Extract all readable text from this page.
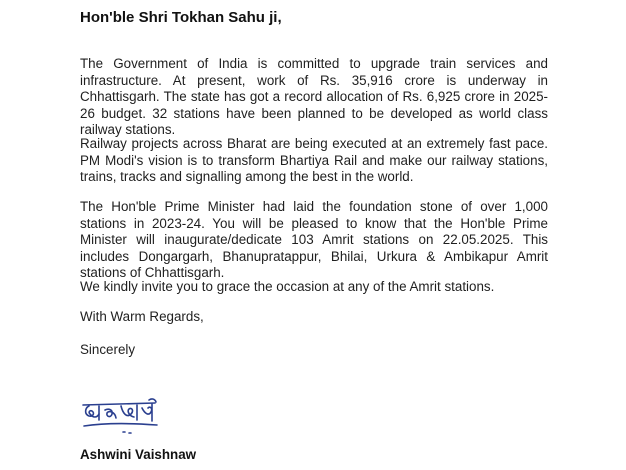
Hon'ble Shri Tokhan Sahu ji,

The Government of India is committed to upgrade train services and infrastructure. At present, work of Rs. 35,916 crore is underway in Chhattisgarh. The state has got a record allocation of Rs. 6,925 crore in 2025-26 budget. 32 stations have been planned to be developed as world class railway stations.

Railway projects across Bharat are being executed at an extremely fast pace. PM Modi's vision is to transform Bhartiya Rail and make our railway stations, trains, tracks and signalling among the best in the world.

The Hon'ble Prime Minister had laid the foundation stone of over 1,000 stations in 2023-24. You will be pleased to know that the Hon'ble Prime Minister will inaugurate/dedicate 103 Amrit stations on 22.05.2025. This includes Dongargarh, Bhanupratappur, Bhilai, Urkura & Ambikapur Amrit stations of Chhattisgarh.

We kindly invite you to grace the occasion at any of the Amrit stations.

With Warm Regards,

Sincerely

Ashwini Vaishnaw
